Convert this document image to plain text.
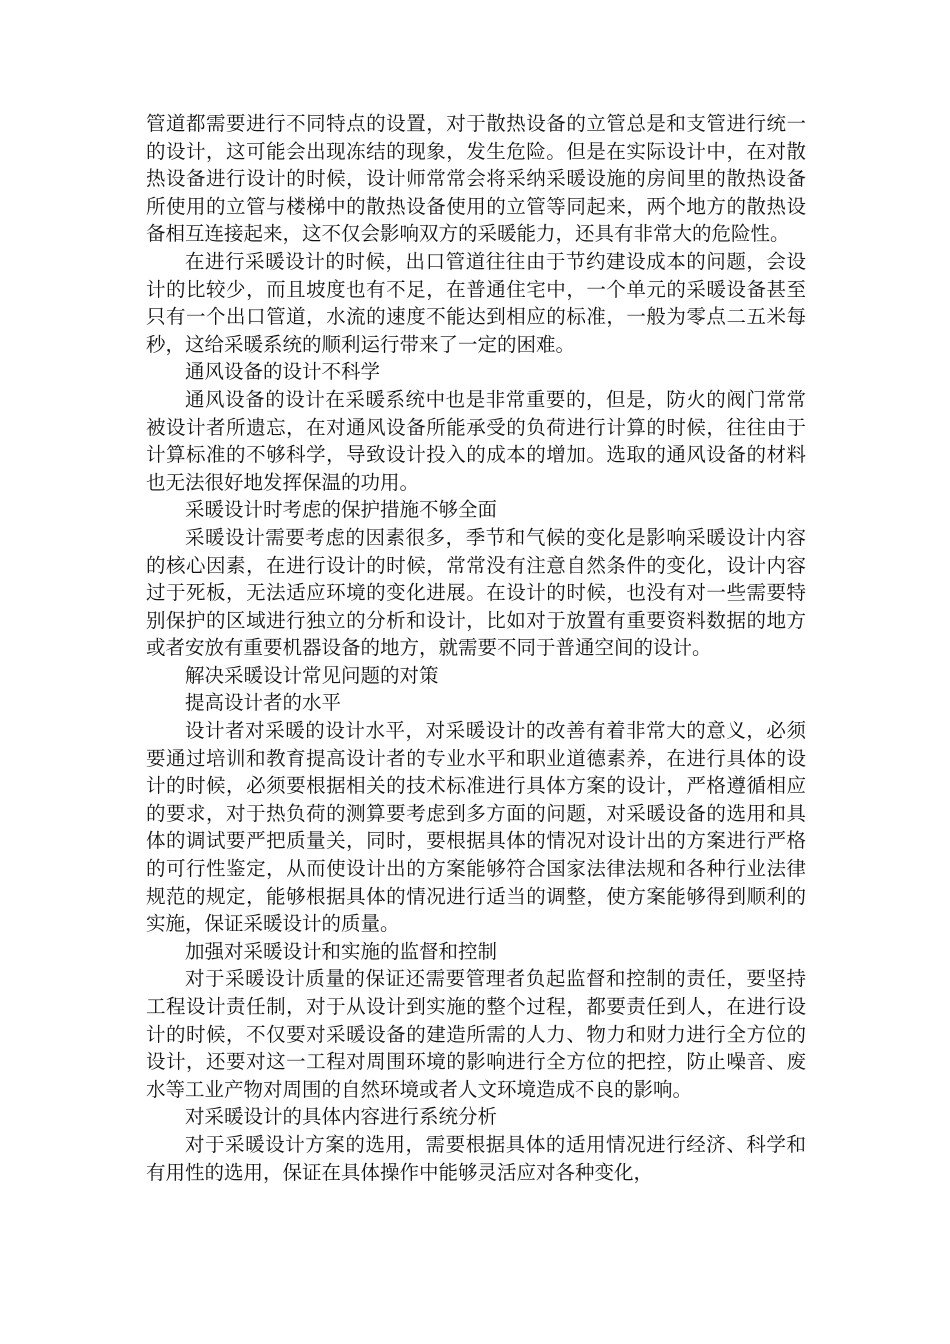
管道都需要进行不同特点的设置，对于散热设备的立管总是和支管进行统一的设计，这可能会出现冻结的现象，发生危险。但是在实际设计中，在对散热设备进行设计的时候，设计师常常会将采纳采暖设施的房间里的散热设备所使用的立管与楼梯中的散热设备使用的立管等同起来，两个地方的散热设备相互连接起来，这不仅会影响双方的采暖能力，还具有非常大的危险性。

在进行采暖设计的时候，出口管道往往由于节约建设成本的问题，会设计的比较少，而且坡度也有不足，在普通住宅中，一个单元的采暖设备甚至只有一个出口管道，水流的速度不能达到相应的标准，一般为零点二五米每秒，这给采暖系统的顺利运行带来了一定的困难。

通风设备的设计不科学

通风设备的设计在采暖系统中也是非常重要的，但是，防火的阀门常常被设计者所遗忘，在对通风设备所能承受的负荷进行计算的时候，往往由于计算标准的不够科学，导致设计投入的成本的增加。选取的通风设备的材料也无法很好地发挥保温的功用。

采暖设计时考虑的保护措施不够全面

采暖设计需要考虑的因素很多，季节和气候的变化是影响采暖设计内容的核心因素，在进行设计的时候，常常没有注意自然条件的变化，设计内容过于死板，无法适应环境的变化进展。在设计的时候，也没有对一些需要特别保护的区域进行独立的分析和设计，比如对于放置有重要资料数据的地方或者安放有重要机器设备的地方，就需要不同于普通空间的设计。

解决采暖设计常见问题的对策

提高设计者的水平

设计者对采暖的设计水平，对采暖设计的改善有着非常大的意义，必须要通过培训和教育提高设计者的专业水平和职业道德素养，在进行具体的设计的时候，必须要根据相关的技术标准进行具体方案的设计，严格遵循相应的要求，对于热负荷的测算要考虑到多方面的问题，对采暖设备的选用和具体的调试要严把质量关，同时，要根据具体的情况对设计出的方案进行严格的可行性鉴定，从而使设计出的方案能够符合国家法律法规和各种行业法律规范的规定，能够根据具体的情况进行适当的调整，使方案能够得到顺利的实施，保证采暖设计的质量。

加强对采暖设计和实施的监督和控制

对于采暖设计质量的保证还需要管理者负起监督和控制的责任，要坚持工程设计责任制，对于从设计到实施的整个过程，都要责任到人，在进行设计的时候，不仅要对采暖设备的建造所需的人力、物力和财力进行全方位的设计，还要对这一工程对周围环境的影响进行全方位的把控，防止噪音、废水等工业产物对周围的自然环境或者人文环境造成不良的影响。

对采暖设计的具体内容进行系统分析

对于采暖设计方案的选用，需要根据具体的适用情况进行经济、科学和有用性的选用，保证在具体操作中能够灵活应对各种变化，
